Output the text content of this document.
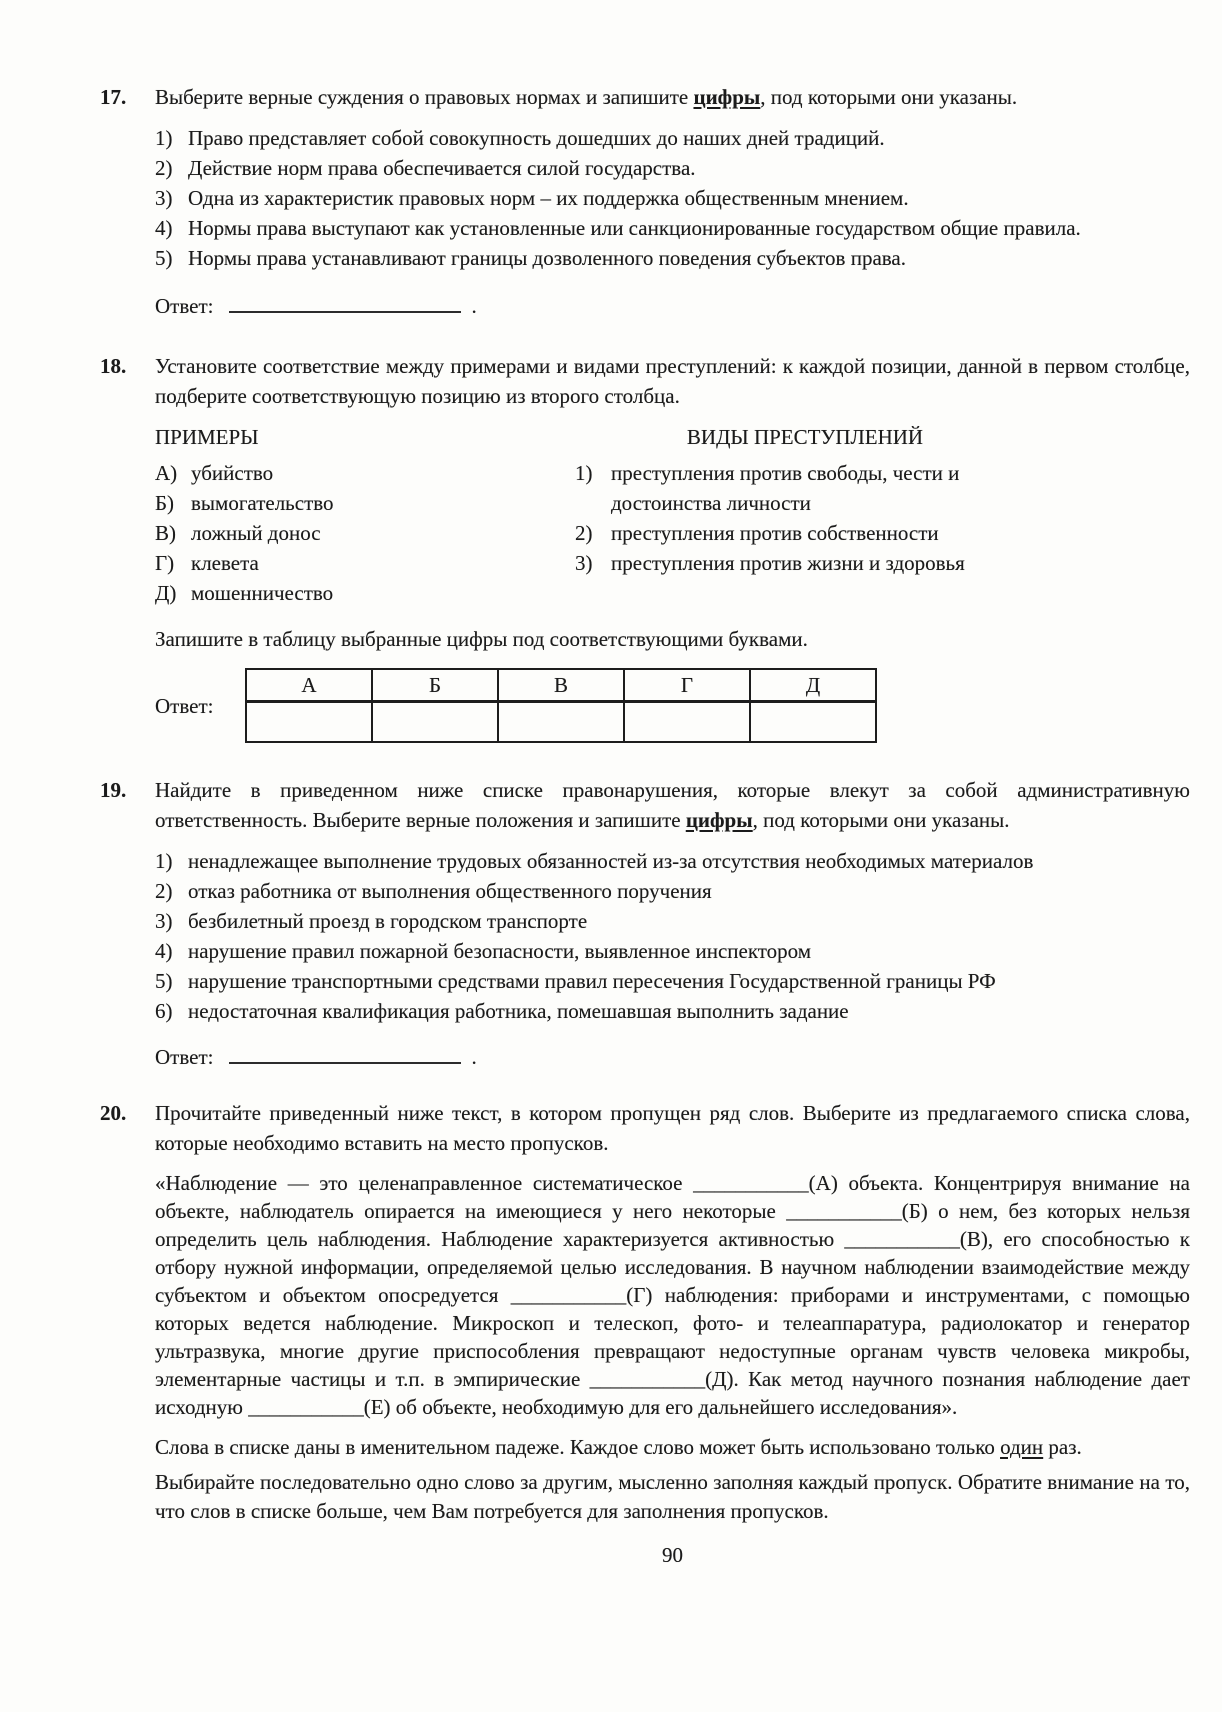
17.	Выберите верные суждения о правовых нормах и запишите цифры, под которыми они указаны.

1) Право представляет собой совокупность дошедших до наших дней традиций.
2) Действие норм права обеспечивается силой государства.
3) Одна из характеристик правовых норм – их поддержка общественным мнением.
4) Нормы права выступают как установленные или санкционированные государством общие правила.
5) Нормы права устанавливают границы дозволенного поведения субъектов права.
Ответ:	.
18.	Установите соответствие между примерами и видами преступлений: к каждой позиции, данной в первом столбце, подберите соответствующую позицию из второго столбца.

ПРИМЕРЫ

А) убийство
Б) вымогательство
В) ложный донос
Г) клевета
Д) мошенничество

ВИДЫ ПРЕСТУПЛЕНИЙ

1) преступления против свободы, чести и достоинства личности
2) преступления против собственности
3) преступления против жизни и здоровья

Запишите в таблицу выбранные цифры под соответствующими буквами.

Ответ:
А	Б	В	Г	Д

19.	Найдите в приведенном ниже списке правонарушения, которые влекут за собой административную ответственность. Выберите верные положения и запишите цифры, под которыми они указаны.

1) ненадлежащее выполнение трудовых обязанностей из-за отсутствия необходимых материалов
2) отказ работника от выполнения общественного поручения
3) безбилетный проезд в городском транспорте
4) нарушение правил пожарной безопасности, выявленное инспектором
5) нарушение транспортными средствами правил пересечения Государственной границы РФ
6) недостаточная квалификация работника, помешавшая выполнить задание
Ответ:	.
20.	Прочитайте приведенный ниже текст, в котором пропущен ряд слов. Выберите из предлагаемого списка слова, которые необходимо вставить на место пропусков.

«Наблюдение — это целенаправленное систематическое ___________(А) объекта. Концентрируя внимание на объекте, наблюдатель опирается на имеющиеся у него некоторые ___________(Б) о нем, без которых нельзя определить цель наблюдения. Наблюдение характеризуется активностью ___________(В), его способностью к отбору нужной информации, определяемой целью исследования. В научном наблюдении взаимодействие между субъектом и объектом опосредуется ___________(Г) наблюдения: приборами и инструментами, с помощью которых ведется наблюдение. Микроскоп и телескоп, фото- и телеаппаратура, радиолокатор и генератор ультразвука, многие другие приспособления превращают недоступные органам чувств человека микробы, элементарные частицы и т.п. в эмпирические ___________(Д). Как метод научного познания наблюдение дает исходную ___________(Е) об объекте, необходимую для его дальнейшего исследования».

Слова в списке даны в именительном падеже. Каждое слово может быть использовано только один раз.

Выбирайте последовательно одно слово за другим, мысленно заполняя каждый пропуск. Обратите внимание на то, что слов в списке больше, чем Вам потребуется для заполнения пропусков.

90
